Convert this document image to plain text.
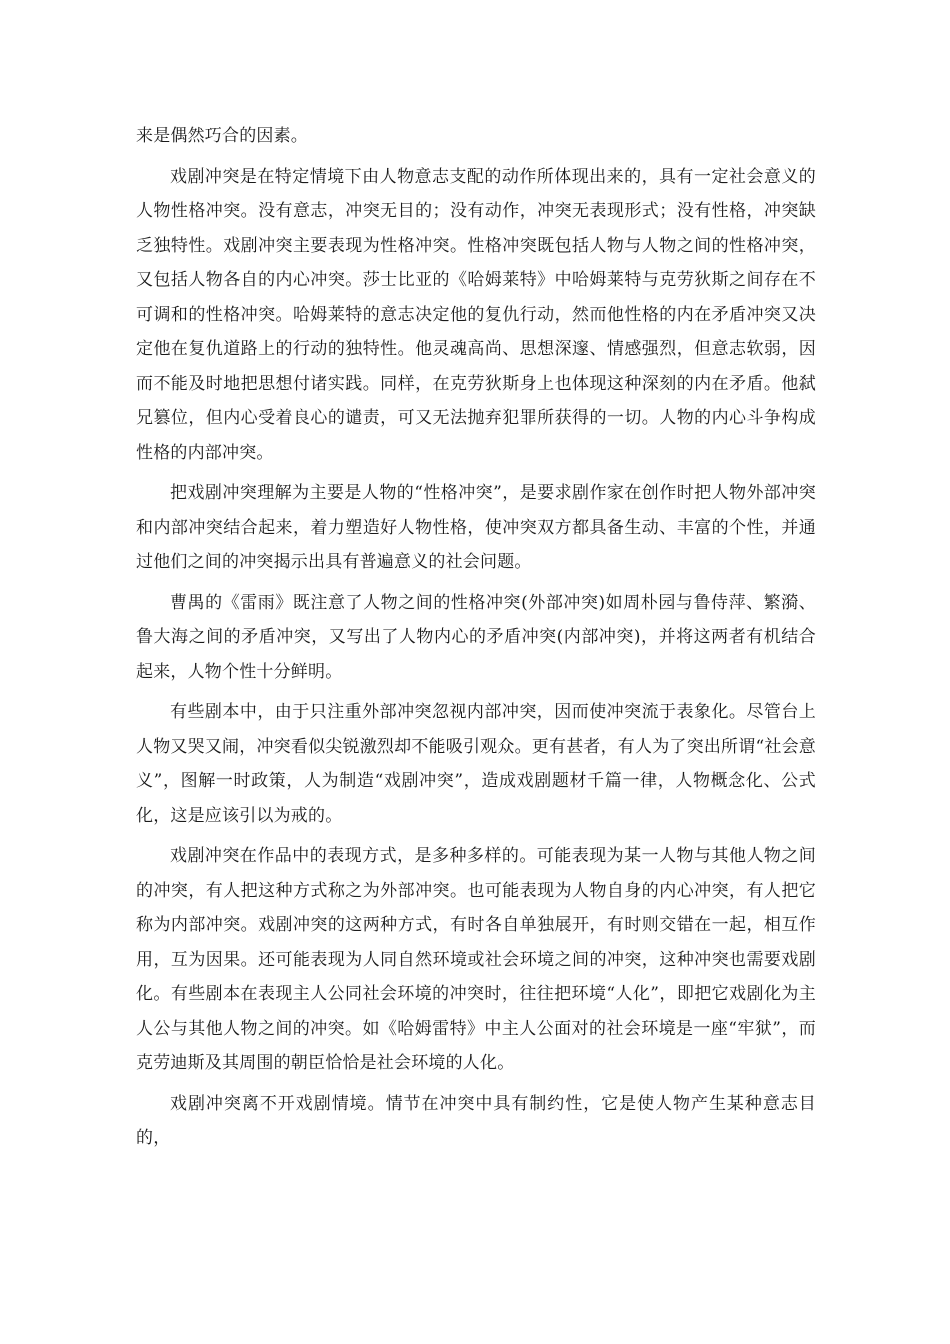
来是偶然巧合的因素。

戏剧冲突是在特定情境下由人物意志支配的动作所体现出来的，具有一定社会意义的人物性格冲突。没有意志，冲突无目的；没有动作，冲突无表现形式；没有性格，冲突缺乏独特性。戏剧冲突主要表现为性格冲突。性格冲突既包括人物与人物之间的性格冲突，又包括人物各自的内心冲突。莎士比亚的《哈姆莱特》中哈姆莱特与克劳狄斯之间存在不可调和的性格冲突。哈姆莱特的意志决定他的复仇行动，然而他性格的内在矛盾冲突又决定他在复仇道路上的行动的独特性。他灵魂高尚、思想深邃、情感强烈，但意志软弱，因而不能及时地把思想付诸实践。同样，在克劳狄斯身上也体现这种深刻的内在矛盾。他弑兄篡位，但内心受着良心的谴责，可又无法抛弃犯罪所获得的一切。人物的内心斗争构成性格的内部冲突。

把戏剧冲突理解为主要是人物的“性格冲突”，是要求剧作家在创作时把人物外部冲突和内部冲突结合起来，着力塑造好人物性格，使冲突双方都具备生动、丰富的个性，并通过他们之间的冲突揭示出具有普遍意义的社会问题。

曹禺的《雷雨》既注意了人物之间的性格冲突(外部冲突)如周朴园与鲁侍萍、繁漪、鲁大海之间的矛盾冲突，又写出了人物内心的矛盾冲突(内部冲突)，并将这两者有机结合起来，人物个性十分鲜明。

有些剧本中，由于只注重外部冲突忽视内部冲突，因而使冲突流于表象化。尽管台上人物又哭又闹，冲突看似尖锐激烈却不能吸引观众。更有甚者，有人为了突出所谓“社会意义”，图解一时政策，人为制造“戏剧冲突”，造成戏剧题材千篇一律，人物概念化、公式化，这是应该引以为戒的。

戏剧冲突在作品中的表现方式，是多种多样的。可能表现为某一人物与其他人物之间的冲突，有人把这种方式称之为外部冲突。也可能表现为人物自身的内心冲突，有人把它称为内部冲突。戏剧冲突的这两种方式，有时各自单独展开，有时则交错在一起，相互作用，互为因果。还可能表现为人同自然环境或社会环境之间的冲突，这种冲突也需要戏剧化。有些剧本在表现主人公同社会环境的冲突时，往往把环境“人化”，即把它戏剧化为主人公与其他人物之间的冲突。如《哈姆雷特》中主人公面对的社会环境是一座“牢狱”，而克劳迪斯及其周围的朝臣恰恰是社会环境的人化。

戏剧冲突离不开戏剧情境。情节在冲突中具有制约性，它是使人物产生某种意志目的，
